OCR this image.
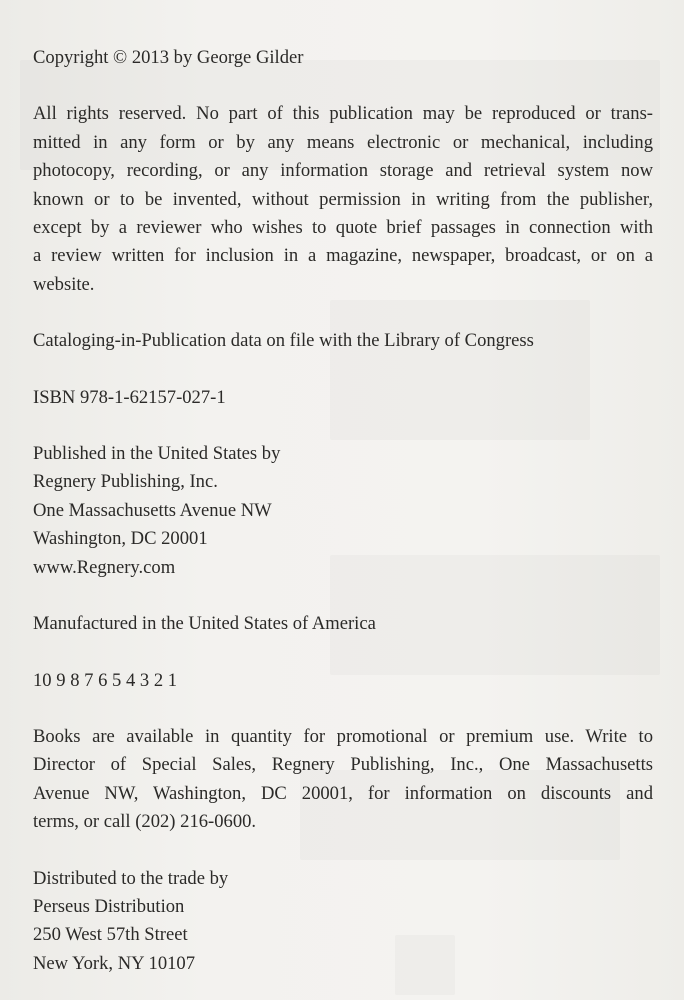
Copyright © 2013 by George Gilder
All rights reserved. No part of this publication may be reproduced or trans-
mitted in any form or by any means electronic or mechanical, including
photocopy, recording, or any information storage and retrieval system now
known or to be invented, without permission in writing from the publisher,
except by a reviewer who wishes to quote brief passages in connection with
a review written for inclusion in a magazine, newspaper, broadcast, or on a
website.
Cataloging-in-Publication data on file with the Library of Congress
ISBN 978-1-62157-027-1
Published in the United States by
Regnery Publishing, Inc.
One Massachusetts Avenue NW
Washington, DC 20001
www.Regnery.com
Manufactured in the United States of America
10 9 8 7 6 5 4 3 2 1
Books are available in quantity for promotional or premium use. Write to
Director of Special Sales, Regnery Publishing, Inc., One Massachusetts
Avenue NW, Washington, DC 20001, for information on discounts and
terms, or call (202) 216-0600.
Distributed to the trade by
Perseus Distribution
250 West 57th Street
New York, NY 10107
